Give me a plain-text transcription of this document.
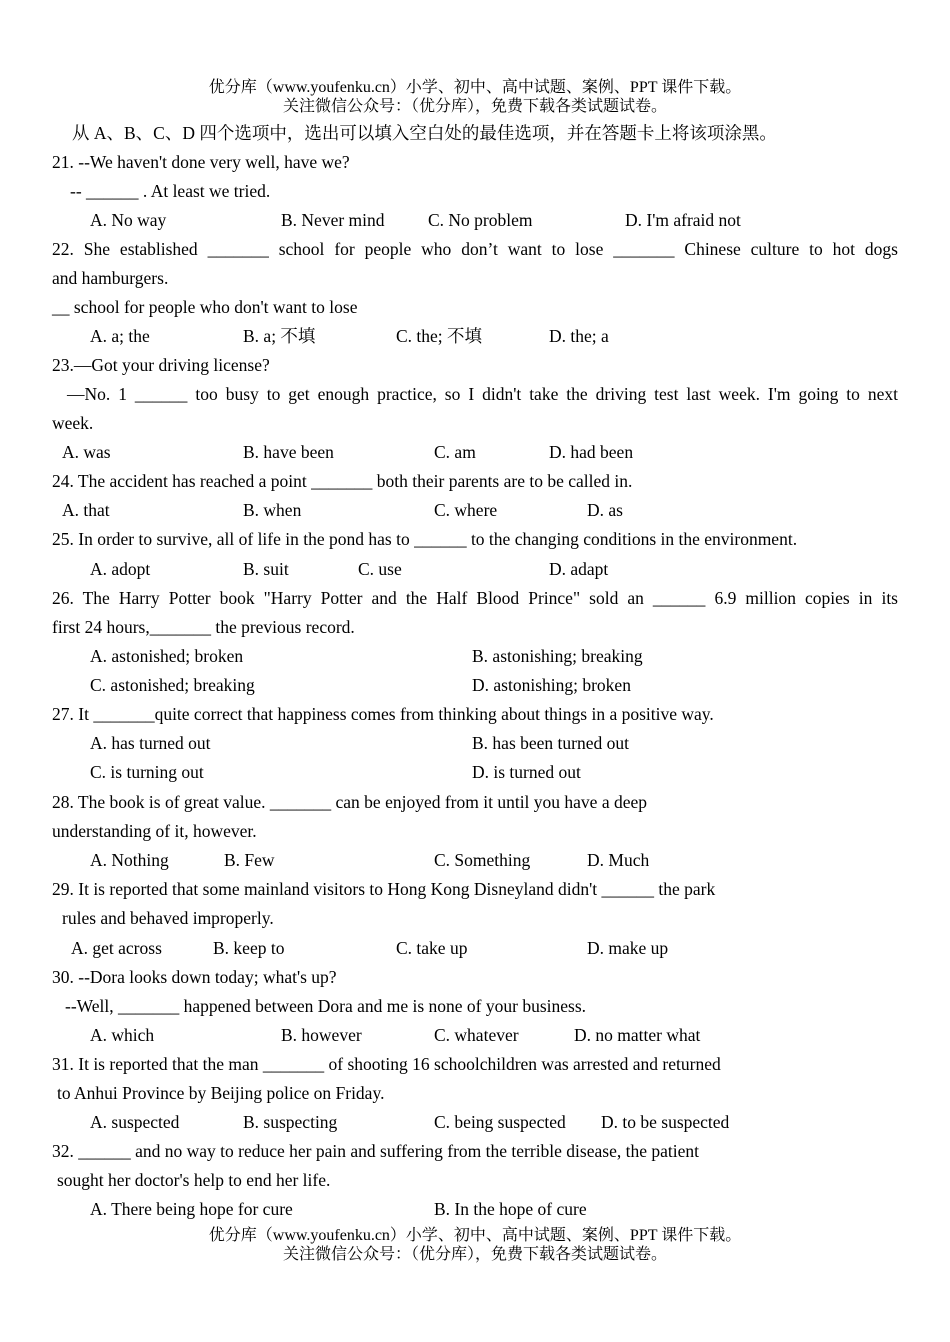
优分库（www.youfenku.cn）小学、初中、高中试题、案例、PPT 课件下载。
关注微信公众号：（优分库），免费下载各类试题试卷。
从 A、B、C、D 四个选项中，选出可以填入空白处的最佳选项，并在答题卡上将该项涂黑。
21. --We haven't done very well, have we?
-- ______ . At least we tried.
A. No way	B. Never mind C. No problem	D. I'm afraid not
22. She established _______ school for people who don’t want to lose _______ Chinese culture to hot dogs
and hamburgers.
__ school for people who don't want to lose
A. a; the	B. a; 不填	C. the; 不填	D. the; a
23.—Got your driving license?
—No. 1 ______ too busy to get enough practice, so I didn't take the driving test last week. I'm going to next
week.
A. was	B. have been	C. am	D. had been
24. The accident has reached a point _______ both their parents are to be called in.
A. that	B. when	C. where	D. as
25. In order to survive, all of life in the pond has to ______ to the changing conditions in the environment.
A. adopt	B. suit	C. use	D. adapt
26. The Harry Potter book "Harry Potter and the Half Blood Prince" sold an ______ 6.9 million copies in its
first 24 hours,_______ the previous record.
A. astonished; broken	B. astonishing; breaking
C. astonished; breaking	D. astonishing; broken
27. It _______quite correct that happiness comes from thinking about things in a positive way.
A. has turned out	B. has been turned out
C. is turning out	D. is turned out
28. The book is of great value. _______ can be enjoyed from it until you have a deep
understanding of it, however.
A. Nothing	B. Few	C. Something	D. Much
29. It is reported that some mainland visitors to Hong Kong Disneyland didn't ______ the park
rules and behaved improperly.
A. get across	B. keep to	C. take up	D. make up
30. --Dora looks down today; what's up?
--Well, _______ happened between Dora and me is none of your business.
A. which	B. however	C. whatever	D. no matter what
31. It is reported that the man _______ of shooting 16 schoolchildren was arrested and returned
to Anhui Province by Beijing police on Friday.
A. suspected	B. suspecting	C. being suspected D. to be suspected
32. ______ and no way to reduce her pain and suffering from the terrible disease, the patient
sought her doctor's help to end her life.
A. There being hope for cure	B. In the hope of cure
优分库（www.youfenku.cn）小学、初中、高中试题、案例、PPT 课件下载。
关注微信公众号：（优分库），免费下载各类试题试卷。
